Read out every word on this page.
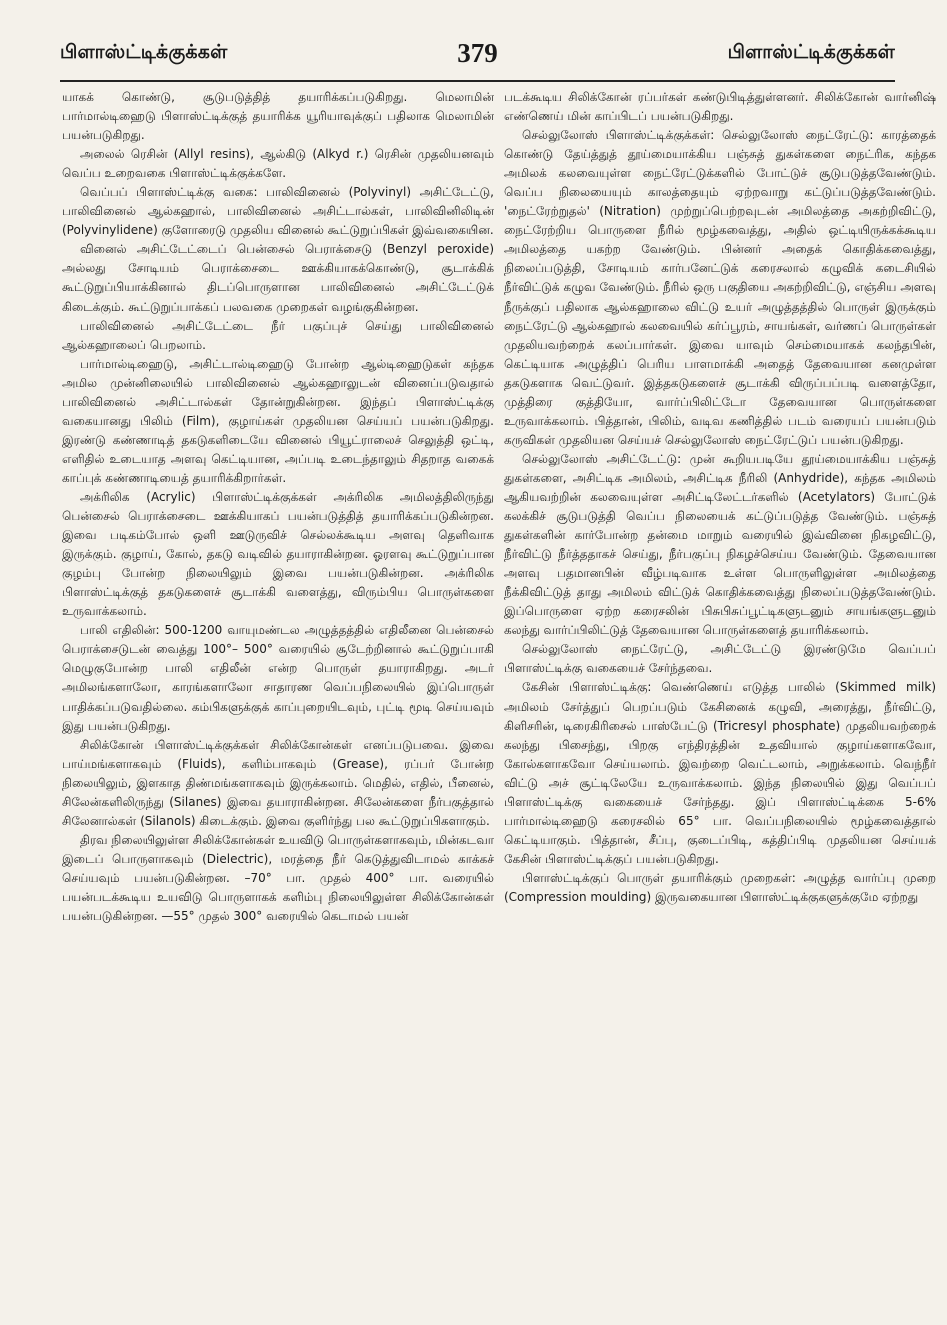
பிளாஸ்ட்டிக்குக்கள்	379	பிளாஸ்ட்டிக்குக்கள்

யாகக் கொண்டு, சூடுபடுத்தித் தயாரிக்கப்படுகிறது. மெலாமின் பார்மால்டிஹைடு பிளாஸ்ட்டிக்குத் தயாரிக்க யூரியாவுக்குப் பதிலாக மெலாமின் பயன்படுகிறது.

அலைல் ரெசின் (Allyl resins), ஆல்கிடு (Alkyd r.) ரெசின் முதலியனவும் வெப்ப உறைவகை பிளாஸ்ட்டிக்குக்களே.

வெப்பப் பிளாஸ்ட்டிக்கு வகை: பாலிவினைல் (Polyvinyl) அசிட்டேட்டு, பாலிவினைல் ஆல்கஹால், பாலிவினைல் அசிட்டால்கள், பாலிவினிலிடின் (Polyvinylidene) குளோரைடு முதலிய வினைல் கூட்டுறுப்பிகள் இவ்வகையின.

வினைல் அசிட்டேட்டைப் பென்சைல் பெராக்சைடு (Benzyl peroxide) அல்லது சோடியம் பெராக்சைடை ஊக்கியாகக்கொண்டு, சூடாக்கிக் கூட்டுறுப்பியாக்கினால் திடப்பொருளான பாலிவினைல் அசிட்டேட்டுக் கிடைக்கும். கூட்டுறுப்பாக்கப் பலவகை முறைகள் வழங்குகின்றன.

பாலிவினைல் அசிட்டேட்டை நீர் பகுப்புச் செய்து பாலிவினைல் ஆல்கஹாலைப் பெறலாம்.

பார்மால்டிஹைடு, அசிட்டால்டிஹைடு போன்ற ஆல்டிஹைடுகள் கந்தக அமில முன்னிலையில் பாலிவினைல் ஆல்கஹாலுடன் வினைப்படுவதால் பாலிவினைல் அசிட்டால்கள் தோன்றுகின்றன. இந்தப் பிளாஸ்ட்டிக்கு வகையானது பிலிம் (Film), குழாய்கள் முதலியன செய்யப் பயன்படுகிறது. இரண்டு கண்ணாடித் தகடுகளிடையே வினைல் பியூட்ராலைச் செலுத்தி ஒட்டி, எளிதில் உடையாத அளவு கெட்டியான, அப்படி உடைந்தாலும் சிதறாத வகைக் காப்புக் கண்ணாடியைத் தயாரிக்கிறார்கள்.

அக்ரிலிக (Acrylic) பிளாஸ்ட்டிக்குக்கள் அக்ரிலிக அமிலத்திலிருந்து பென்சைல் பெராக்சைடை ஊக்கியாகப் பயன்படுத்தித் தயாரிக்கப்படுகின்றன. இவை படிகம்போல் ஒளி ஊடுருவிச் செல்லக்கூடிய அளவு தெளிவாக இருக்கும். குழாய், கோல், தகடு வடிவில் தயாராகின்றன. ஓரளவு கூட்டுறுப்பான குழம்பு போன்ற நிலையிலும் இவை பயன்படுகின்றன. அக்ரிலிக பிளாஸ்ட்டிக்குத் தகடுகளைச் சூடாக்கி வளைத்து, விரும்பிய பொருள்களை உருவாக்கலாம்.

பாலி எதிலின்: 500-1200 வாயுமண்டல அழுத்தத்தில் எதிலீனை பென்சைல் பெராக்சைடுடன் வைத்து 100°– 500° வரையில் சூடேற்றினால் கூட்டுறுப்பாகி மெழுகுபோன்ற பாலி எதிலீன் என்ற பொருள் தயாராகிறது. அடர் அமிலங்களாலோ, காரங்களாலோ சாதாரண வெப்பநிலையில் இப்பொருள் பாதிக்கப்படுவதில்லை. கம்பிகளுக்குக் காப்புறையிடவும், புட்டி மூடி செய்யவும் இது பயன்படுகிறது.

சிலிக்கோன் பிளாஸ்ட்டிக்குக்கள் சிலிக்கோன்கள் எனப்படுபவை. இவை பாய்மங்களாகவும் (Fluids), களிம்பாகவும் (Grease), ரப்பர் போன்ற நிலையிலும், இளகாத திண்மங்களாகவும் இருக்கலாம். மெதில், எதில், பீனைல், சிலேன்களிலிருந்து (Silanes) இவை தயாராகின்றன. சிலேன்களை நீர்பகுத்தால் சிலேனால்கள் (Silanols) கிடைக்கும். இவை குளிர்ந்து பல கூட்டுறுப்பிகளாகும்.

திரவ நிலையிலுள்ள சிலிக்கோன்கள் உயவிடு பொருள்களாகவும், மின்கடவா இடைப் பொருளாகவும் (Dielectric), மரத்தை நீர் கெடுத்துவிடாமல் காக்கச் செய்யவும் பயன்படுகின்றன. –70° பா. முதல் 400° பா. வரையில் பயன்படக்கூடிய உயவிடு பொருளாகக் களிம்பு நிலையிலுள்ள சிலிக்கோன்கள் பயன்படுகின்றன. —55° முதல் 300° வரையில் கெடாமல் பயன்

படக்கூடிய சிலிக்கோன் ரப்பர்கள் கண்டுபிடித்துள்ளனர். சிலிக்கோன் வார்னிஷ் எண்ணெய் மின் காப்பிடப் பயன்படுகிறது.

செல்லுலோஸ் பிளாஸ்ட்டிக்குக்கள்: செல்லுலோஸ் நைட்ரேட்டு: காரத்தைக் கொண்டு தேய்த்துத் தூய்மையாக்கிய பஞ்சுத் துகள்களை நைட்ரிக, கந்தக அமிலக் கலவையுள்ள நைட்ரேட்டுக்களில் போட்டுச் சூடுபடுத்தவேண்டும். வெப்ப நிலையையும் காலத்தையும் ஏற்றவாறு கட்டுப்படுத்தவேண்டும். 'நைட்ரேற்றுதல்' (Nitration) முற்றுப்பெற்றவுடன் அமிலத்தை அகற்றிவிட்டு, நைட்ரேற்றிய பொருளை நீரில் மூழ்கவைத்து, அதில் ஒட்டியிருக்கக்கூடிய அமிலத்தை யகற்ற வேண்டும். பின்னர் அதைக் கொதிக்கவைத்து, நிலைப்படுத்தி, சோடியம் கார்பனேட்டுக் கரைசலால் கழுவிக் கடைசியில் நீர்விட்டுக் கழுவ வேண்டும். நீரில் ஒரு பகுதியை அகற்றிவிட்டு, எஞ்சிய அளவு நீருக்குப் பதிலாக ஆல்கஹாலை விட்டு உயர் அழுத்தத்தில் பொருள் இருக்கும் நைட்ரேட்டு ஆல்கஹால் கலவையில் கர்ப்பூரம், சாயங்கள், வர்ணப் பொருள்கள் முதலியவற்றைக் கலப்பார்கள். இவை யாவும் செம்மையாகக் கலந்தபின், கெட்டியாக அழுத்திப் பெரிய பாளமாக்கி அதைத் தேவையான கனமுள்ள தகடுகளாக வெட்டுவர். இத்தகடுகளைச் சூடாக்கி விருப்பப்படி வளைத்தோ, முத்திரை குத்தியோ, வார்ப்பிலிட்டோ தேவையான பொருள்களை உருவாக்கலாம். பித்தான், பிலிம், வடிவ கணித்தில் படம் வரையப் பயன்படும் கருவிகள் முதலியன செய்யச் செல்லுலோஸ் நைட்ரேட்டுப் பயன்படுகிறது.

செல்லுலோஸ் அசிட்டேட்டு: முன் கூறியபடியே தூய்மையாக்கிய பஞ்சுத் துகள்களை, அசிட்டிக அமிலம், அசிட்டிக நீரிலி (Anhydride), கந்தக அமிலம் ஆகியவற்றின் கலவையுள்ள அசிட்டிலேட்டர்களில் (Acetylators) போட்டுக் கலக்கிச் சூடுபடுத்தி வெப்ப நிலையைக் கட்டுப்படுத்த வேண்டும். பஞ்சுத் துகள்களின் கார்போன்ற தன்மை மாறும் வரையில் இவ்வினை நிகழவிட்டு, நீர்விட்டு நீர்த்ததாகச் செய்து, நீர்பகுப்பு நிகழச்செய்ய வேண்டும். தேவையான அளவு பதமானபின் வீழ்படிவாக உள்ள பொருளிலுள்ள அமிலத்தை நீக்கிவிட்டுத் தாது அமிலம் விட்டுக் கொதிக்கவைத்து நிலைப்படுத்தவேண்டும். இப்பொருளை ஏற்ற கரைசலின் பிசுபிசுப்பூட்டிகளுடனும் சாயங்களுடனும் கலந்து வார்ப்பிலிட்டுத் தேவையான பொருள்களைத் தயாரிக்கலாம்.

செல்லுலோஸ் நைட்ரேட்டு, அசிட்டேட்டு இரண்டுமே வெப்பப் பிளாஸ்ட்டிக்கு வகையைச் சேர்ந்தவை.

கேசின் பிளாஸ்ட்டிக்கு: வெண்ணெய் எடுத்த பாலில் (Skimmed milk) அமிலம் சேர்த்துப் பெறப்படும் கேசினைக் கழுவி, அரைத்து, நீர்விட்டு, கிளிசரின், டிரைகிரிசைல் பாஸ்பேட்டு (Tricresyl phosphate) முதலியவற்றைக் கலந்து பிசைந்து, பிறகு எந்திரத்தின் உதவியால் குழாய்களாகவோ, கோல்களாகவோ செய்யலாம். இவற்றை வெட்டலாம், அறுக்கலாம். வெந்நீர் விட்டு அச் சூட்டிலேயே உருவாக்கலாம். இந்த நிலையில் இது வெப்பப் பிளாஸ்ட்டிக்கு வகையைச் சேர்ந்தது. இப் பிளாஸ்ட்டிக்கை 5-6% பார்மால்டிஹைடு கரைசலில் 65° பா. வெப்பநிலையில் மூழ்கவைத்தால் கெட்டியாகும். பித்தான், சீப்பு, குடைப்பிடி, கத்திப்பிடி முதலியன செய்யக் கேசின் பிளாஸ்ட்டிக்குப் பயன்படுகிறது.

பிளாஸ்ட்டிக்குப் பொருள் தயாரிக்கும் முறைகள்: அழுத்த வார்ப்பு முறை (Compression moulding) இருவகையான பிளாஸ்ட்டிக்குகளுக்குமே ஏற்றது
